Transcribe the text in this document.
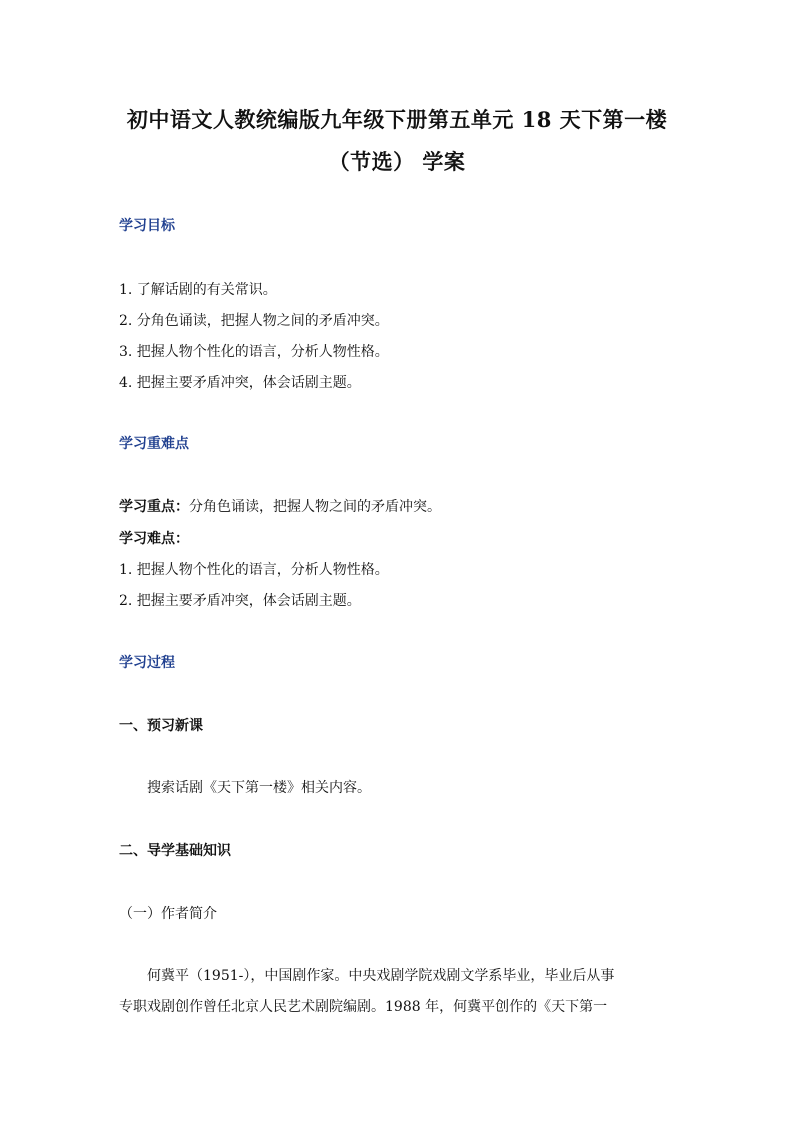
初中语文人教统编版九年级下册第五单元 18 天下第一楼
（节选） 学案
学习目标
1. 了解话剧的有关常识。
2. 分角色诵读，把握人物之间的矛盾冲突。
3. 把握人物个性化的语言，分析人物性格。
4. 把握主要矛盾冲突，体会话剧主题。
学习重难点
学习重点：分角色诵读，把握人物之间的矛盾冲突。
学习难点：
1. 把握人物个性化的语言，分析人物性格。
2. 把握主要矛盾冲突，体会话剧主题。
学习过程
一、预习新课
搜索话剧《天下第一楼》相关内容。
二、导学基础知识
（一）作者简介
何冀平（1951-），中国剧作家。中央戏剧学院戏剧文学系毕业，毕业后从事
专职戏剧创作曾任北京人民艺术剧院编剧。1988 年，何冀平创作的《天下第一
